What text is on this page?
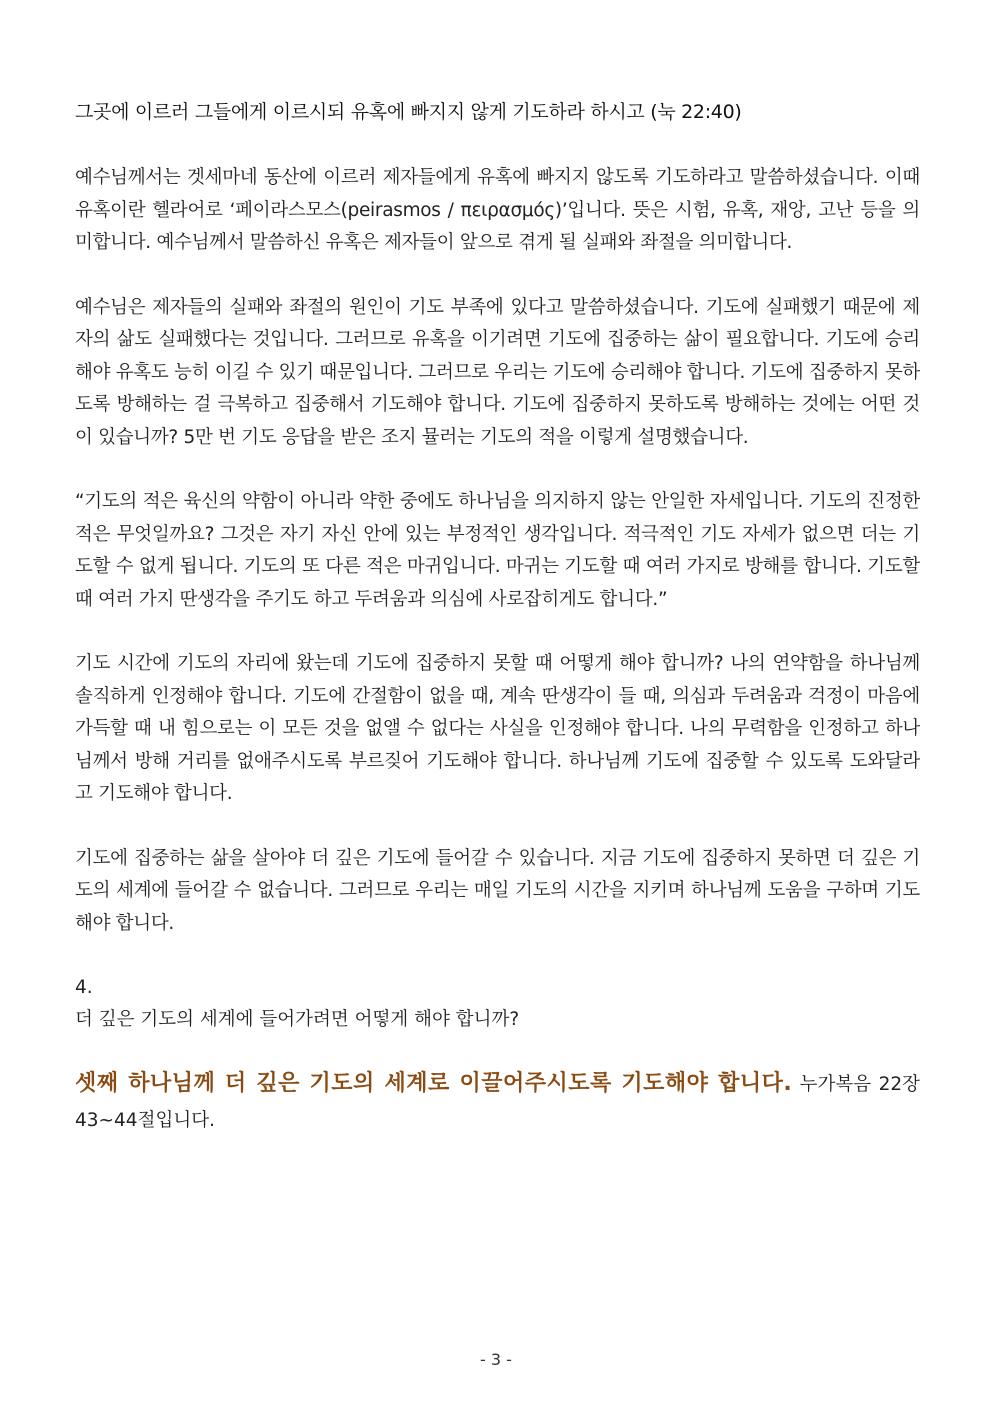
그곳에 이르러 그들에게 이르시되 유혹에 빠지지 않게 기도하라 하시고 (눅 22:40)

예수님께서는 겟세마네 동산에 이르러 제자들에게 유혹에 빠지지 않도록 기도하라고 말씀하셨습니다. 이때 유혹이란 헬라어로 ‘페이라스모스(peirasmos / πειρασμός)’입니다. 뜻은 시험, 유혹, 재앙, 고난 등을 의미합니다. 예수님께서 말씀하신 유혹은 제자들이 앞으로 겪게 될 실패와 좌절을 의미합니다.

예수님은 제자들의 실패와 좌절의 원인이 기도 부족에 있다고 말씀하셨습니다. 기도에 실패했기 때문에 제자의 삶도 실패했다는 것입니다. 그러므로 유혹을 이기려면 기도에 집중하는 삶이 필요합니다. 기도에 승리해야 유혹도 능히 이길 수 있기 때문입니다. 그러므로 우리는 기도에 승리해야 합니다. 기도에 집중하지 못하도록 방해하는 걸 극복하고 집중해서 기도해야 합니다. 기도에 집중하지 못하도록 방해하는 것에는 어떤 것이 있습니까? 5만 번 기도 응답을 받은 조지 뮬러는 기도의 적을 이렇게 설명했습니다.

“기도의 적은 육신의 약함이 아니라 약한 중에도 하나님을 의지하지 않는 안일한 자세입니다. 기도의 진정한 적은 무엇일까요? 그것은 자기 자신 안에 있는 부정적인 생각입니다. 적극적인 기도 자세가 없으면 더는 기도할 수 없게 됩니다. 기도의 또 다른 적은 마귀입니다. 마귀는 기도할 때 여러 가지로 방해를 합니다. 기도할 때 여러 가지 딴생각을 주기도 하고 두려움과 의심에 사로잡히게도 합니다.”

기도 시간에 기도의 자리에 왔는데 기도에 집중하지 못할 때 어떻게 해야 합니까? 나의 연약함을 하나님께 솔직하게 인정해야 합니다. 기도에 간절함이 없을 때, 계속 딴생각이 들 때, 의심과 두려움과 걱정이 마음에 가득할 때 내 힘으로는 이 모든 것을 없앨 수 없다는 사실을 인정해야 합니다. 나의 무력함을 인정하고 하나님께서 방해 거리를 없애주시도록 부르짖어 기도해야 합니다. 하나님께 기도에 집중할 수 있도록 도와달라고 기도해야 합니다.

기도에 집중하는 삶을 살아야 더 깊은 기도에 들어갈 수 있습니다. 지금 기도에 집중하지 못하면 더 깊은 기도의 세계에 들어갈 수 없습니다. 그러므로 우리는 매일 기도의 시간을 지키며 하나님께 도움을 구하며 기도해야 합니다.

4.

더 깊은 기도의 세계에 들어가려면 어떻게 해야 합니까?

셋째 하나님께 더 깊은 기도의 세계로 이끌어주시도록 기도해야 합니다. 누가복음 22장 43~44절입니다.

- 3 -
